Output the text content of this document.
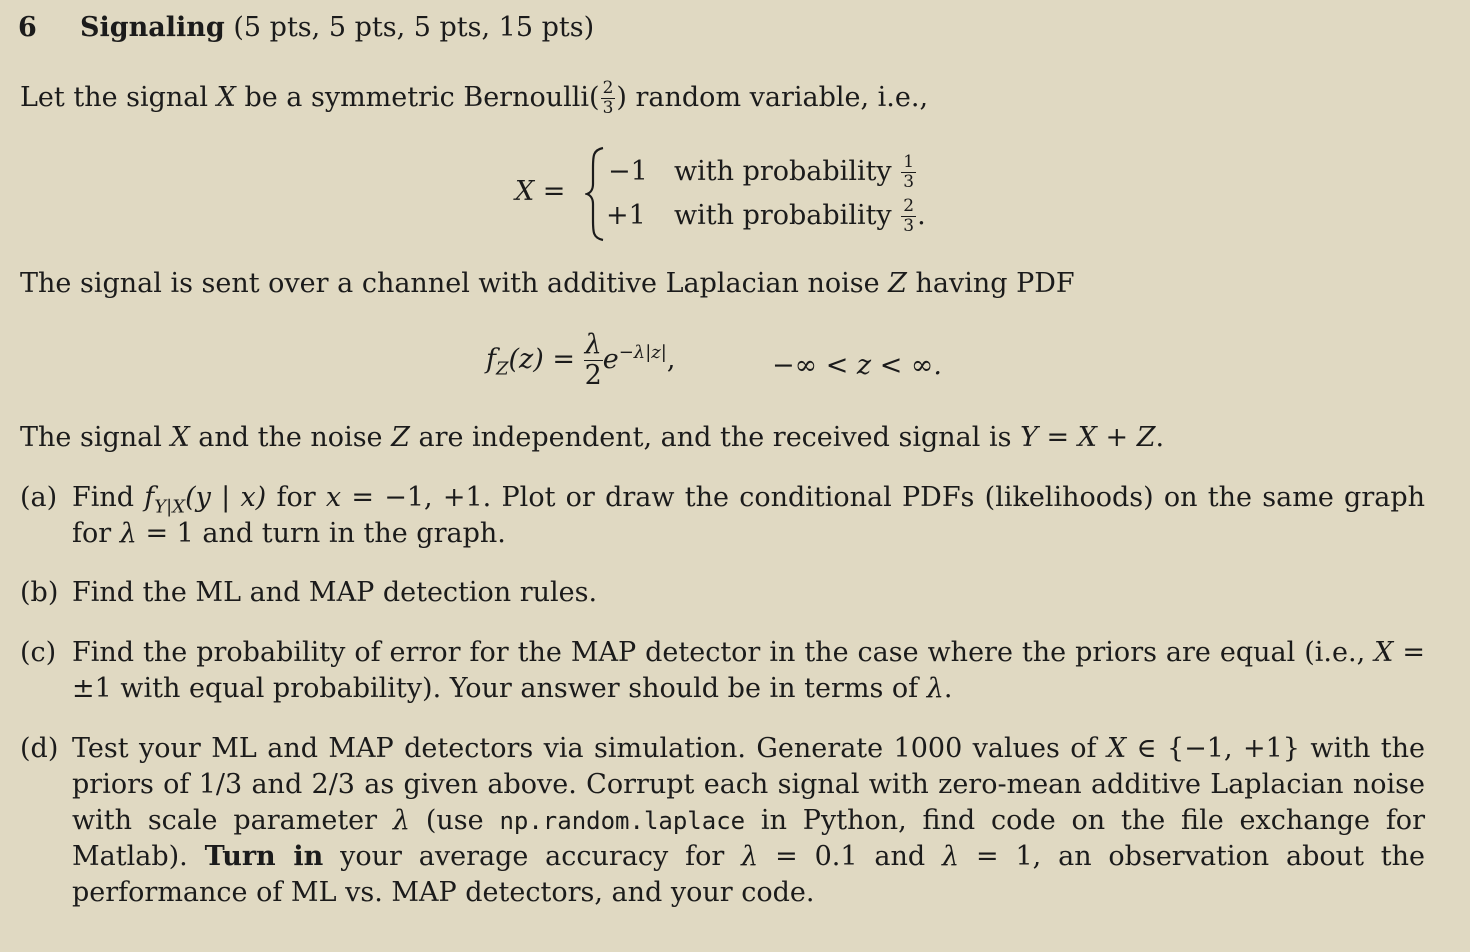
6 Signaling (5 pts, 5 pts, 5 pts, 15 pts)
Let the signal X be a symmetric Bernoulli( $\frac{2}{3}$ ) random variable, i.e.,
X =
−1 with probability $\frac{1}{3}$
+1 with probability $\frac{2}{3}$ .
The signal is sent over a channel with additive Laplacian noise Z having PDF
$f_Z(z) = \frac{\lambda}{2} e^{-\lambda|z|}$,	−∞ < z < ∞.
The signal X and the noise Z are independent, and the received signal is Y = X + Z.
(a) Find $f_{Y|X}(y$ | x) for x = −1, +1. Plot or draw the conditional PDFs (likelihoods) on the same graph for λ = 1 and turn in the graph.
(b) Find the ML and MAP detection rules.
(c) Find the probability of error for the MAP detector in the case where the priors are equal (i.e., X = ±1 with equal probability). Your answer should be in terms of λ.
(d) Test your ML and MAP detectors via simulation. Generate 1000 values of X ∈ {−1, +1} with the priors of 1/3 and 2/3 as given above. Corrupt each signal with zero-mean additive Laplacian noise with scale parameter λ (use np.random.laplace in Python, find code on the file exchange for Matlab). Turn in your average accuracy for λ = 0.1 and λ = 1, an observation about the performance of ML vs. MAP detectors, and your code.
